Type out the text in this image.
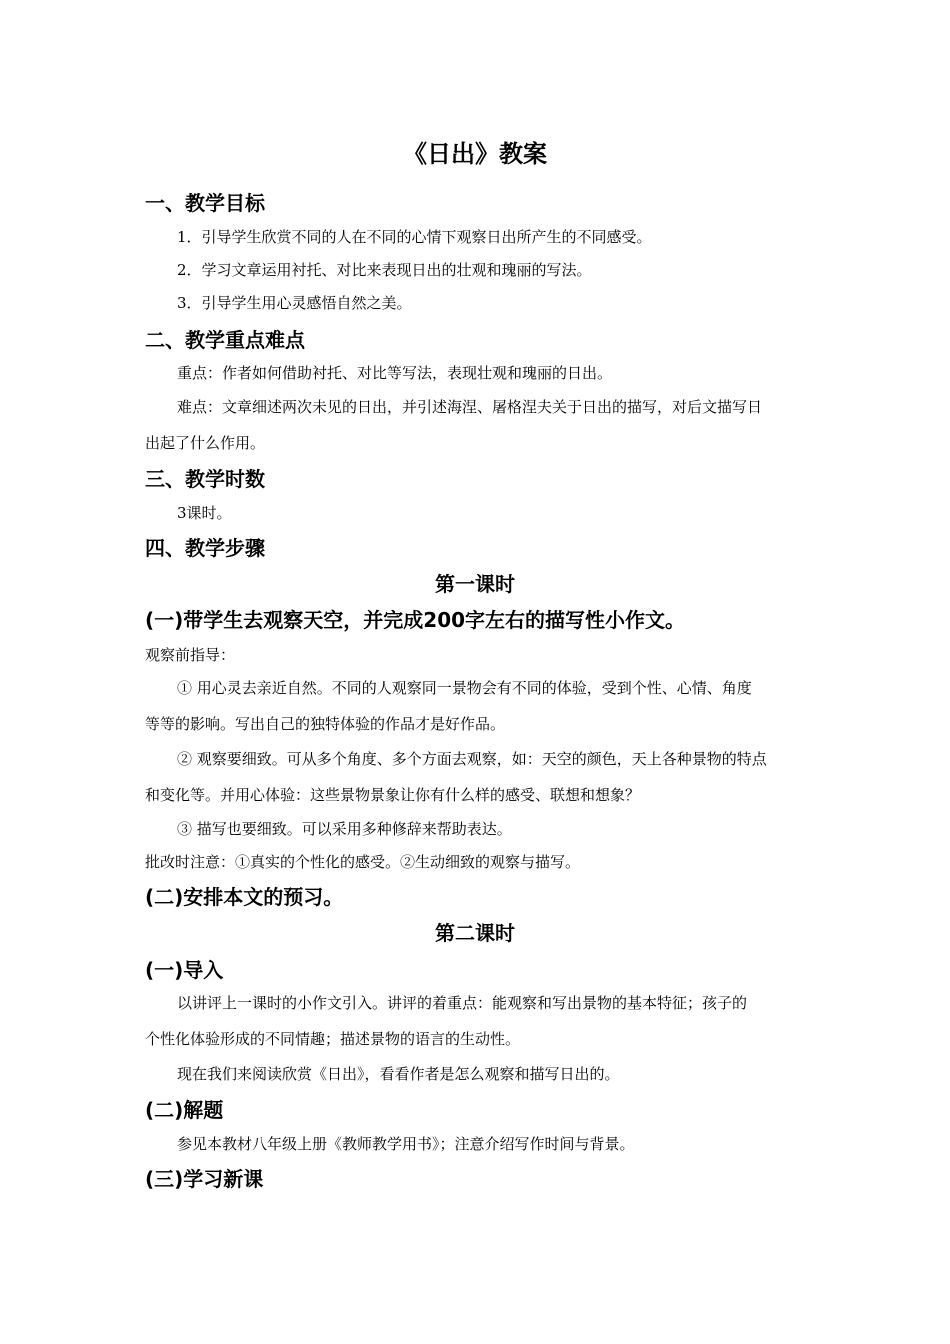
《日出》教案
一、教学目标
1．引导学生欣赏不同的人在不同的心情下观察日出所产生的不同感受。
2．学习文章运用衬托、对比来表现日出的壮观和瑰丽的写法。
3．引导学生用心灵感悟自然之美。
二、教学重点难点
重点：作者如何借助衬托、对比等写法，表现壮观和瑰丽的日出。
难点：文章细述两次未见的日出，并引述海涅、屠格涅夫关于日出的描写，对后文描写日
出起了什么作用。
三、教学时数
3课时。
四、教学步骤
第一课时
(一)带学生去观察天空，并完成200字左右的描写性小作文。
观察前指导：
① 用心灵去亲近自然。不同的人观察同一景物会有不同的体验，受到个性、心情、角度
等等的影响。写出自己的独特体验的作品才是好作品。
② 观察要细致。可从多个角度、多个方面去观察，如：天空的颜色，天上各种景物的特点
和变化等。并用心体验：这些景物景象让你有什么样的感受、联想和想象？
③ 描写也要细致。可以采用多种修辞来帮助表达。
批改时注意：①真实的个性化的感受。②生动细致的观察与描写。
(二)安排本文的预习。
第二课时
(一)导入
以讲评上一课时的小作文引入。讲评的着重点：能观察和写出景物的基本特征；孩子的
个性化体验形成的不同情趣；描述景物的语言的生动性。
现在我们来阅读欣赏《日出》，看看作者是怎么观察和描写日出的。
(二)解题
参见本教材八年级上册《教师教学用书》；注意介绍写作时间与背景。
(三)学习新课
